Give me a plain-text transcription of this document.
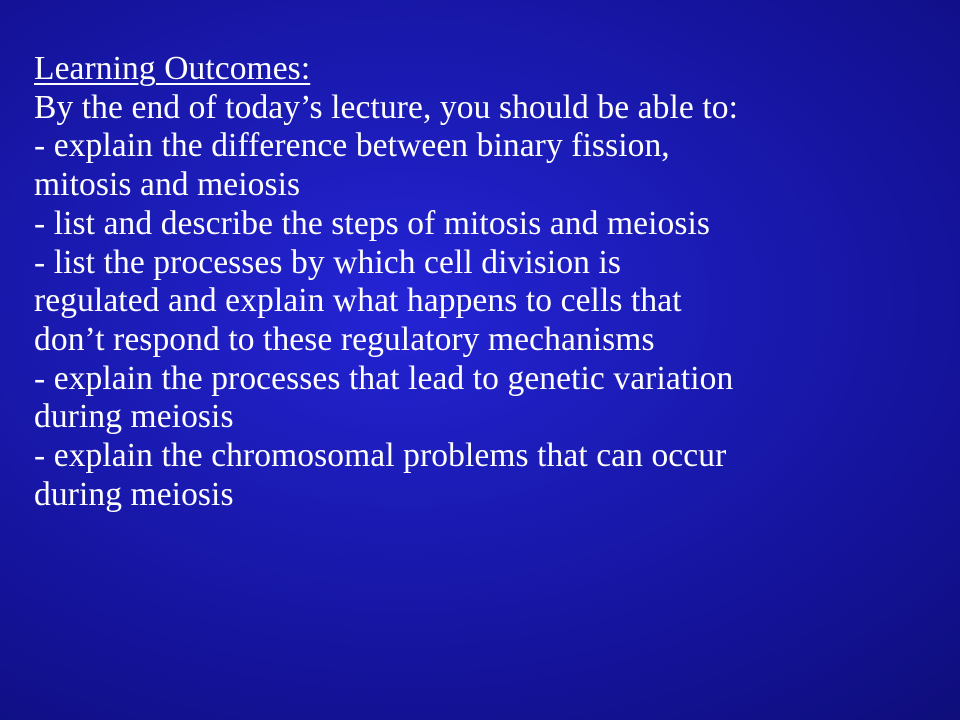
Learning Outcomes:
By the end of today’s lecture, you should be able to:
- explain the difference between binary fission,
mitosis and meiosis
- list and describe the steps of mitosis and meiosis
- list the processes by which cell division is
regulated and explain what happens to cells that
don’t respond to these regulatory mechanisms
- explain the processes that lead to genetic variation
during meiosis
- explain the chromosomal problems that can occur
during meiosis
